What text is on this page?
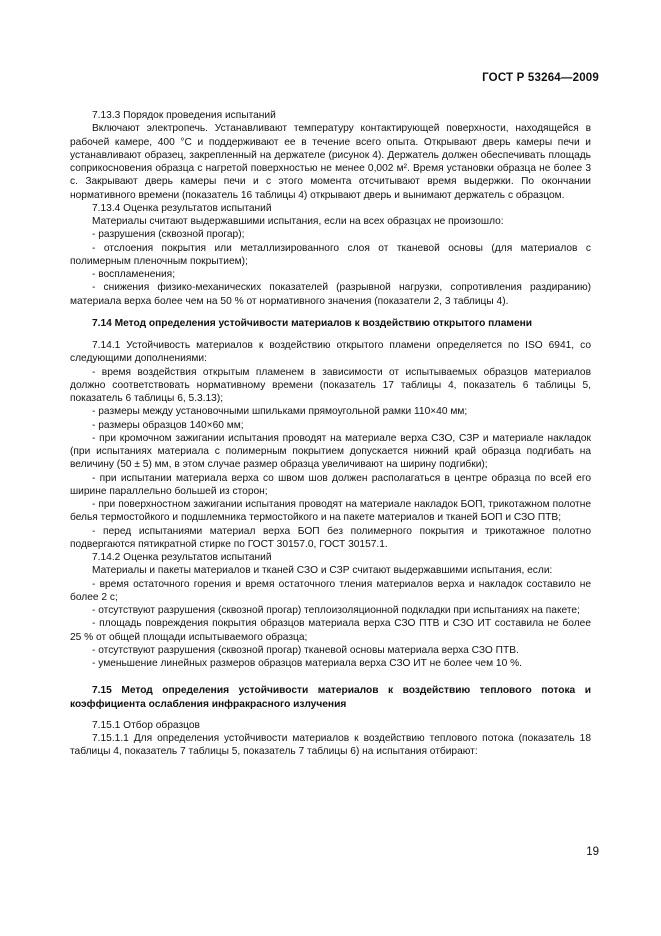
ГОСТ Р 53264—2009

7.13.3 Порядок проведения испытаний

Включают электропечь. Устанавливают температуру контактирующей поверхности, находящейся в рабочей камере, 400 °С и поддерживают ее в течение всего опыта. Открывают дверь камеры печи и устанавливают образец, закрепленный на держателе (рисунок 4). Держатель должен обеспечивать площадь соприкосновения образца с нагретой поверхностью не менее 0,002 м². Время установки образца не более 3 с. Закрывают дверь камеры печи и с этого момента отсчитывают время выдержки. По окончании нормативного времени (показатель 16 таблицы 4) открывают дверь и вынимают держатель с образцом.

7.13.4 Оценка результатов испытаний

Материалы считают выдержавшими испытания, если на всех образцах не произошло:

- разрушения (сквозной прогар);

- отслоения покрытия или металлизированного слоя от тканевой основы (для материалов с полимерным пленочным покрытием);

- воспламенения;

- снижения физико-механических показателей (разрывной нагрузки, сопротивления раздиранию) материала верха более чем на 50 % от нормативного значения (показатели 2, 3 таблицы 4).

7.14 Метод определения устойчивости материалов к воздействию открытого пламени

7.14.1 Устойчивость материалов к воздействию открытого пламени определяется по ISO 6941, со следующими дополнениями:

- время воздействия открытым пламенем в зависимости от испытываемых образцов материалов должно соответствовать нормативному времени (показатель 17 таблицы 4, показатель 6 таблицы 5, показатель 6 таблицы 6, 5.3.13);

- размеры между установочными шпильками прямоугольной рамки 110×40 мм;

- размеры образцов 140×60 мм;

- при кромочном зажигании испытания проводят на материале верха СЗО, СЗР и материале накладок (при испытаниях материала с полимерным покрытием допускается нижний край образца подгибать на величину (50 ± 5) мм, в этом случае размер образца увеличивают на ширину подгибки);

- при испытании материала верха со швом шов должен располагаться в центре образца по всей его ширине параллельно большей из сторон;

- при поверхностном зажигании испытания проводят на материале накладок БОП, трикотажном полотне белья термостойкого и подшлемника термостойкого и на пакете материалов и тканей БОП и СЗО ПТВ;

- перед испытаниями материал верха БОП без полимерного покрытия и трикотажное полотно подвергаются пятикратной стирке по ГОСТ 30157.0, ГОСТ 30157.1.

7.14.2 Оценка результатов испытаний

Материалы и пакеты материалов и тканей СЗО и СЗР считают выдержавшими испытания, если:

- время остаточного горения и время остаточного тления материалов верха и накладок составило не более 2 с;

- отсутствуют разрушения (сквозной прогар) теплоизоляционной подкладки при испытаниях на пакете;

- площадь повреждения покрытия образцов материала верха СЗО ПТВ и СЗО ИТ составила не более 25 % от общей площади испытываемого образца;

- отсутствуют разрушения (сквозной прогар) тканевой основы материала верха СЗО ПТВ.

- уменьшение линейных размеров образцов материала верха СЗО ИТ не более чем 10 %.

7.15 Метод определения устойчивости материалов к воздействию теплового потока и коэффициента ослабления инфракрасного излучения

7.15.1 Отбор образцов

7.15.1.1 Для определения устойчивости материалов к воздействию теплового потока (показатель 18 таблицы 4, показатель 7 таблицы 5, показатель 7 таблицы 6) на испытания отбирают:

19
